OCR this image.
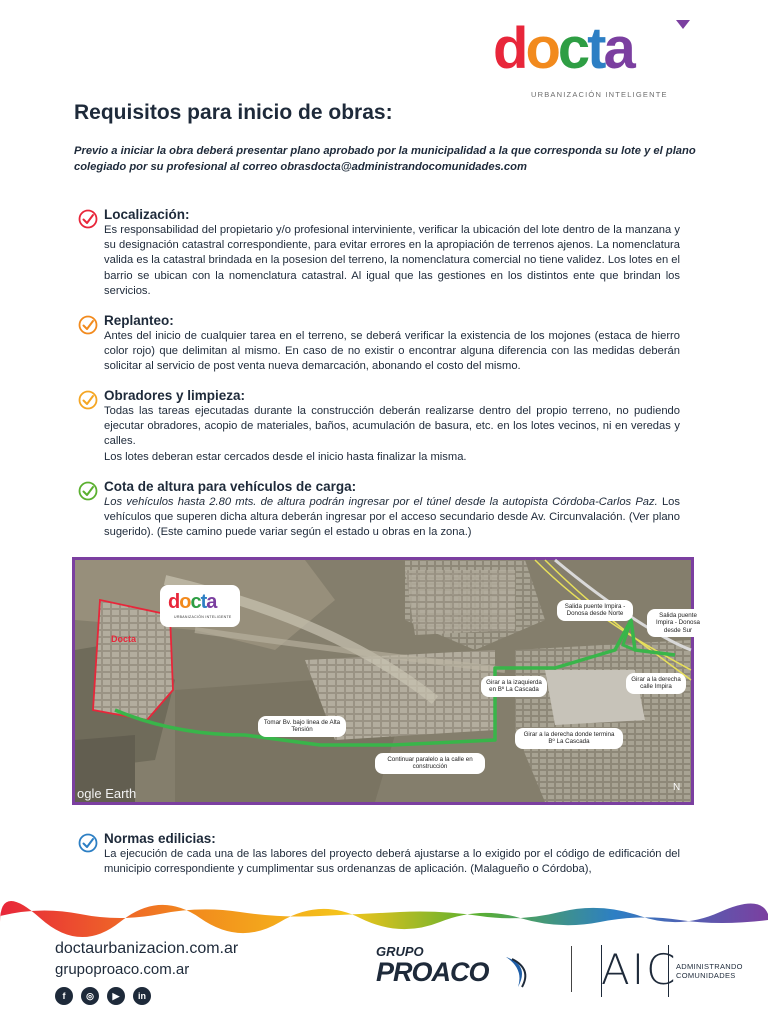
docta
URBANIZACIÓN INTELIGENTE
Requisitos para inicio de obras:

Previo a iniciar la obra deberá presentar plano aprobado por la municipalidad a la que corresponda su lote y el plano colegiado por su profesional al correo obrasdocta@administrandocomunidades.com

Localización:

Es responsabilidad del propietario y/o profesional interviniente, verificar la ubicación del lote dentro de la manzana y su designación catastral correspondiente, para evitar errores en la apropiación de terrenos ajenos. La nomenclatura valida es la catastral brindada en la posesion del terreno, la nomenclatura comercial no tiene validez. Los lotes en el barrio se ubican con la nomenclatura catastral. Al igual que las gestiones en los distintos ente que brindan los servicios.

Replanteo:

Antes del inicio de cualquier tarea en el terreno, se deberá verificar la existencia de los mojones (estaca de hierro color rojo) que delimitan al mismo. En caso de no existir o encontrar alguna diferencia con las medidas deberán solicitar al servicio de post venta nueva demarcación, abonando el costo del mismo.

Obradores y limpieza:

Todas las tareas ejecutadas durante la construcción deberán realizarse dentro del propio terreno, no pudiendo ejecutar obradores, acopio de materiales, baños, acumulación de basura, etc. en los lotes vecinos, ni en veredas y calles.

Los lotes deberan estar cercados desde el inicio hasta finalizar la misma.

Cota de altura para vehículos de carga:

Los vehículos hasta 2.80 mts. de altura podrán ingresar por el túnel desde la autopista Córdoba-Carlos Paz. Los vehículos que superen dicha altura deberán ingresar por el acceso secundario desde Av. Circunvalación. (Ver plano sugerido). (Este camino puede variar según el estado u obras en la zona.)

docta
URBANIZACIÓN INTELIGENTE
Docta
Salida puente Impira - Donosa desde Norte	Salida puente Impira - Donosa desde Sur
Girar a la izaquierda en Bº La Cascada
Girar a la derecha calle Impira
Tomar Bv. bajo linea de Alta Tensión
Girar a la derecha donde termina Bº La Cascada
Continuar paralelo a la calle en construcción
ogle Earth	N
Normas edilicias:

La ejecución de cada una de las labores del proyecto deberá ajustarse a lo exigido por el código de edificación del municipio correspondiente y cumplimentar sus ordenanzas de aplicación. (Malagueño o Córdoba),

doctaurbanizacion.com.ar

grupoproaco.com.ar

f	◎	▶	in
GRUPO
PROACO	AIC
ADMINISTRANDO
COMUNIDADES
